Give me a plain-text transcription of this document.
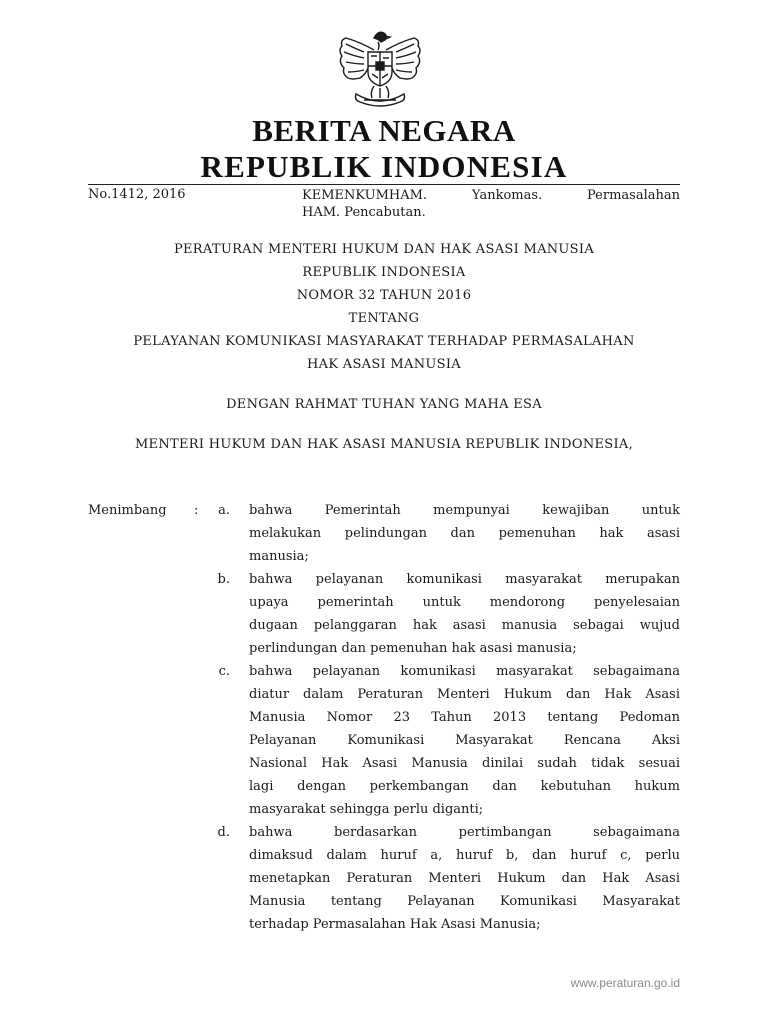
BERITA NEGARA
REPUBLIK INDONESIA
No.1412, 2016	KEMENKUMHAM.	Yankomas.	Permasalahan
HAM. Pencabutan.
PERATURAN MENTERI HUKUM DAN HAK ASASI MANUSIA
REPUBLIK INDONESIA
NOMOR 32 TAHUN 2016
TENTANG
PELAYANAN KOMUNIKASI MASYARAKAT TERHADAP PERMASALAHAN
HAK ASASI MANUSIA
DENGAN RAHMAT TUHAN YANG MAHA ESA
MENTERI HUKUM DAN HAK ASASI MANUSIA REPUBLIK INDONESIA,
Menimbang :	a. bahwa Pemerintah mempunyai kewajiban untuk
melakukan pelindungan dan pemenuhan hak asasi
manusia;
b. bahwa pelayanan komunikasi masyarakat merupakan
upaya pemerintah untuk mendorong penyelesaian
dugaan pelanggaran hak asasi manusia sebagai wujud
perlindungan dan pemenuhan hak asasi manusia;
c. bahwa pelayanan komunikasi masyarakat sebagaimana
diatur dalam Peraturan Menteri Hukum dan Hak Asasi
Manusia Nomor 23 Tahun 2013 tentang Pedoman
Pelayanan Komunikasi Masyarakat Rencana Aksi
Nasional Hak Asasi Manusia dinilai sudah tidak sesuai
lagi dengan perkembangan dan kebutuhan hukum
masyarakat sehingga perlu diganti;
d. bahwa berdasarkan pertimbangan sebagaimana
dimaksud dalam huruf a, huruf b, dan huruf c, perlu
menetapkan Peraturan Menteri Hukum dan Hak Asasi
Manusia tentang Pelayanan Komunikasi Masyarakat
terhadap Permasalahan Hak Asasi Manusia;
www.peraturan.go.id
